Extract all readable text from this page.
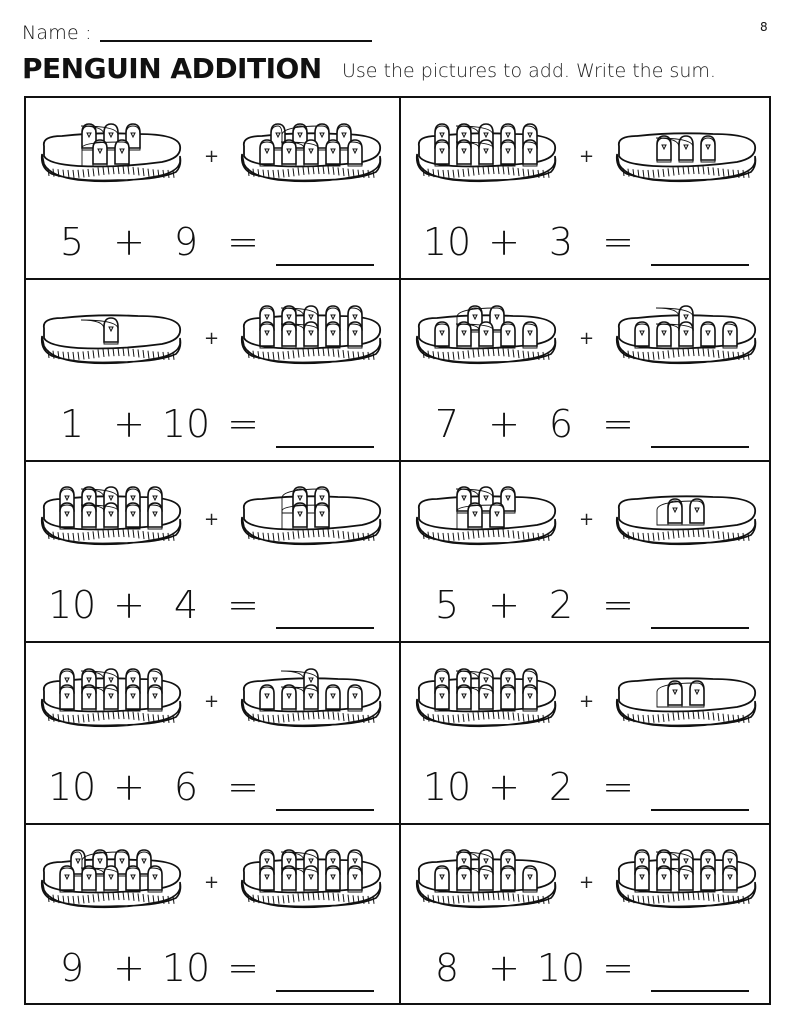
Name :	8
PENGUIN ADDITION Use the pictures to add. Write the sum.
+
5 + 9 =
+
10 + 3 =
+
1 + 10 =
+
7 + 6 =
+
10 + 4 =
+
5 + 2 =
+
10 + 6 =
+
10 + 2 =
+
9 + 10 =
+
8 + 10 =
